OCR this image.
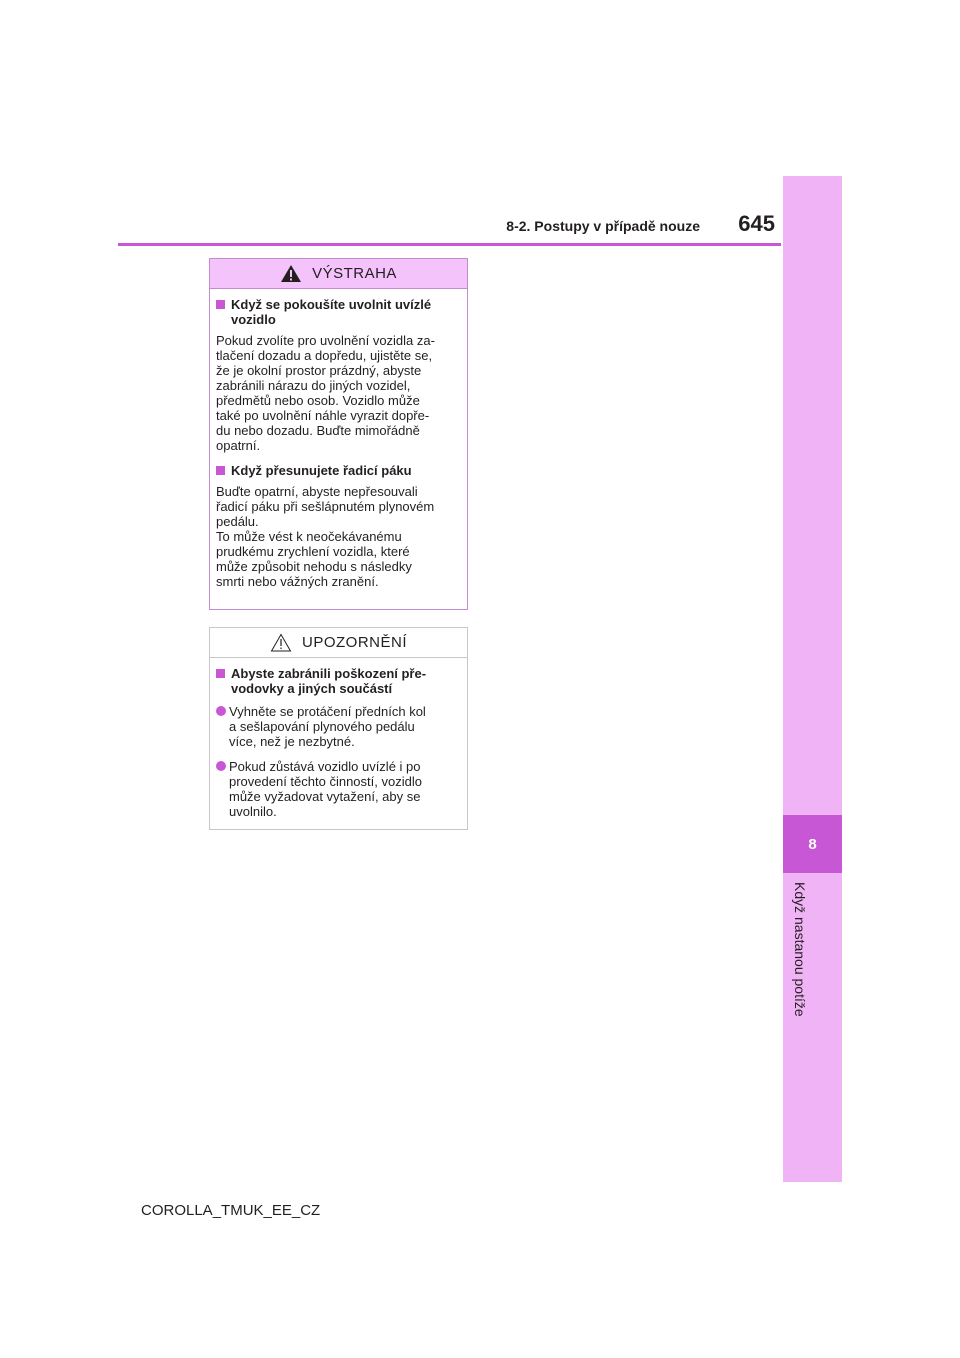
8
Když nastanou potíže
8-2. Postupy v případě nouze	645
VÝSTRAHA
Když se pokoušíte uvolnit uvízlé
vozidlo
Pokud zvolíte pro uvolnění vozidla za-
tlačení dozadu a dopředu, ujistěte se,
že je okolní prostor prázdný, abyste
zabránili nárazu do jiných vozidel,
předmětů nebo osob. Vozidlo může
také po uvolnění náhle vyrazit dopře-
du nebo dozadu. Buďte mimořádně
opatrní.
Když přesunujete řadicí páku
Buďte opatrní, abyste nepřesouvali
řadicí páku při sešlápnutém plynovém
pedálu.
To může vést k neočekávanému
prudkému zrychlení vozidla, které
může způsobit nehodu s následky
smrti nebo vážných zranění.
UPOZORNĚNÍ
Abyste zabránili poškození pře-
vodovky a jiných součástí
Vyhněte se protáčení předních kol
a sešlapování plynového pedálu
více, než je nezbytné.
Pokud zůstává vozidlo uvízlé i po
provedení těchto činností, vozidlo
může vyžadovat vytažení, aby se
uvolnilo.
COROLLA_TMUK_EE_CZ
